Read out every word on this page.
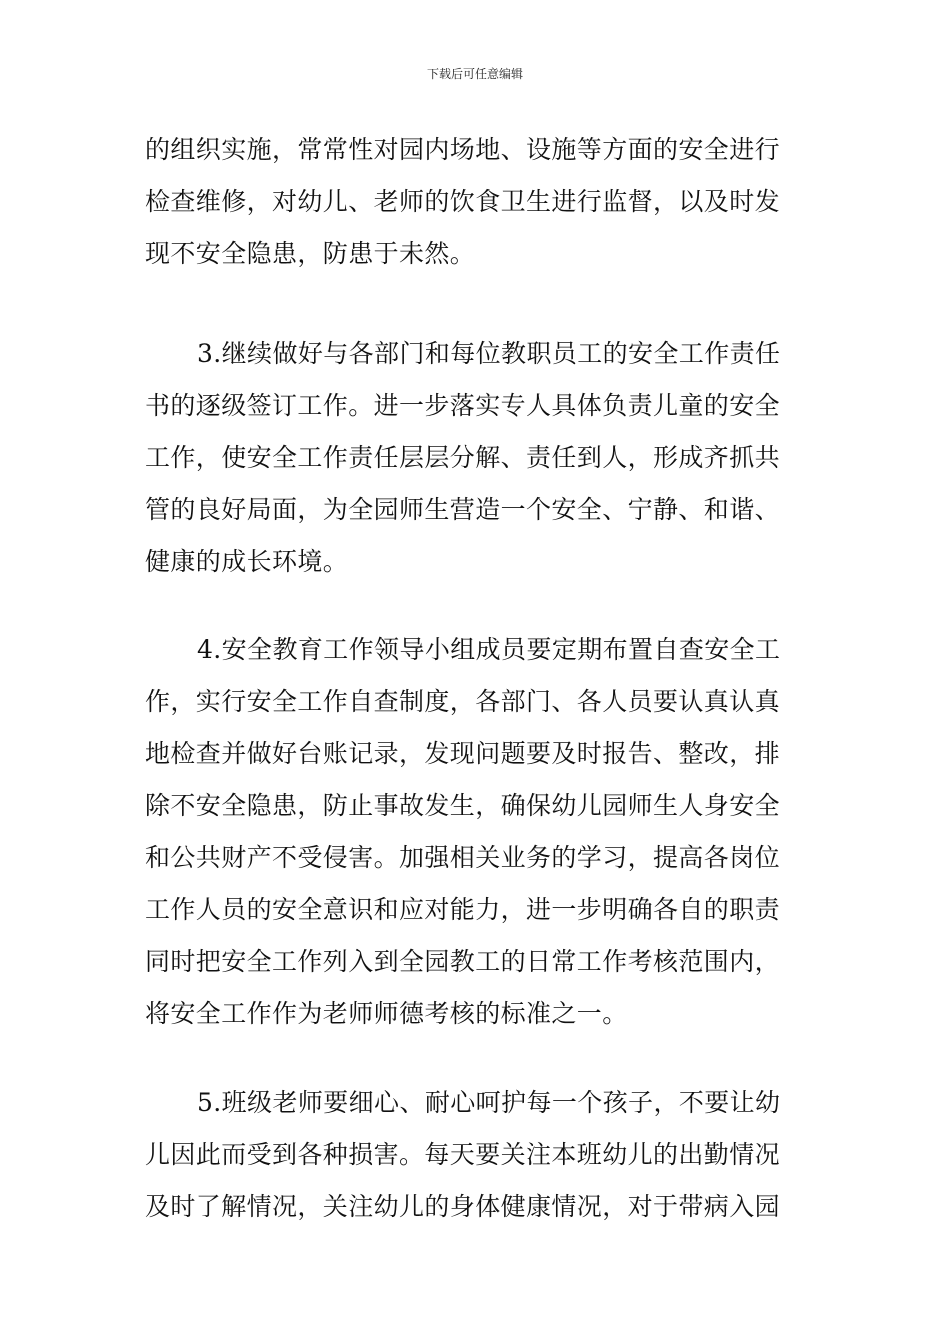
下载后可任意编辑
的组织实施，常常性对园内场地、设施等方面的安全进行
检查维修，对幼儿、老师的饮食卫生进行监督，以及时发
现不安全隐患，防患于未然。
3.继续做好与各部门和每位教职员工的安全工作责任
书的逐级签订工作。进一步落实专人具体负责儿童的安全
工作，使安全工作责任层层分解、责任到人，形成齐抓共
管的良好局面，为全园师生营造一个安全、宁静、和谐、
健康的成长环境。
4.安全教育工作领导小组成员要定期布置自查安全工
作，实行安全工作自查制度，各部门、各人员要认真认真
地检查并做好台账记录，发现问题要及时报告、整改，排
除不安全隐患，防止事故发生，确保幼儿园师生人身安全
和公共财产不受侵害。加强相关业务的学习，提高各岗位
工作人员的安全意识和应对能力，进一步明确各自的职责
同时把安全工作列入到全园教工的日常工作考核范围内，
将安全工作作为老师师德考核的标准之一。
5.班级老师要细心、耐心呵护每一个孩子，不要让幼
儿因此而受到各种损害。每天要关注本班幼儿的出勤情况
及时了解情况，关注幼儿的身体健康情况，对于带病入园
